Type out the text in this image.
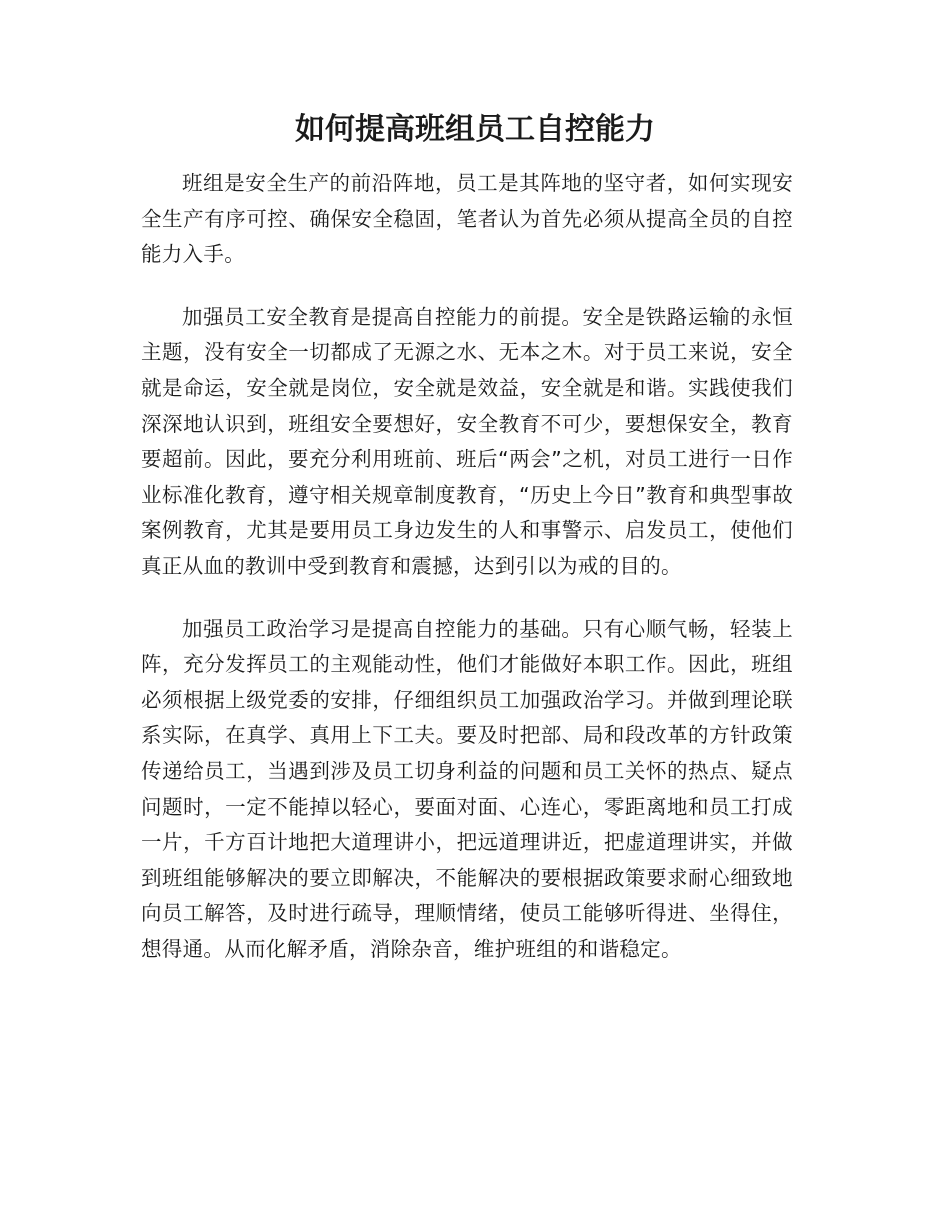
如何提高班组员工自控能力

班组是安全生产的前沿阵地，员工是其阵地的坚守者，如何实现安全生产有序可控、确保安全稳固，笔者认为首先必须从提高全员的自控能力入手。

加强员工安全教育是提高自控能力的前提。安全是铁路运输的永恒主题，没有安全一切都成了无源之水、无本之木。对于员工来说，安全就是命运，安全就是岗位，安全就是效益，安全就是和谐。实践使我们深深地认识到，班组安全要想好，安全教育不可少，要想保安全，教育要超前。因此，要充分利用班前、班后“两会”之机，对员工进行一日作业标准化教育，遵守相关规章制度教育，“历史上今日”教育和典型事故案例教育，尤其是要用员工身边发生的人和事警示、启发员工，使他们真正从血的教训中受到教育和震撼，达到引以为戒的目的。

加强员工政治学习是提高自控能力的基础。只有心顺气畅，轻装上阵，充分发挥员工的主观能动性，他们才能做好本职工作。因此，班组必须根据上级党委的安排，仔细组织员工加强政治学习。并做到理论联系实际，在真学、真用上下工夫。要及时把部、局和段改革的方针政策传递给员工，当遇到涉及员工切身利益的问题和员工关怀的热点、疑点问题时，一定不能掉以轻心，要面对面、心连心，零距离地和员工打成一片，千方百计地把大道理讲小，把远道理讲近，把虚道理讲实，并做到班组能够解决的要立即解决，不能解决的要根据政策要求耐心细致地向员工解答，及时进行疏导，理顺情绪，使员工能够听得进、坐得住，想得通。从而化解矛盾，消除杂音，维护班组的和谐稳定。
